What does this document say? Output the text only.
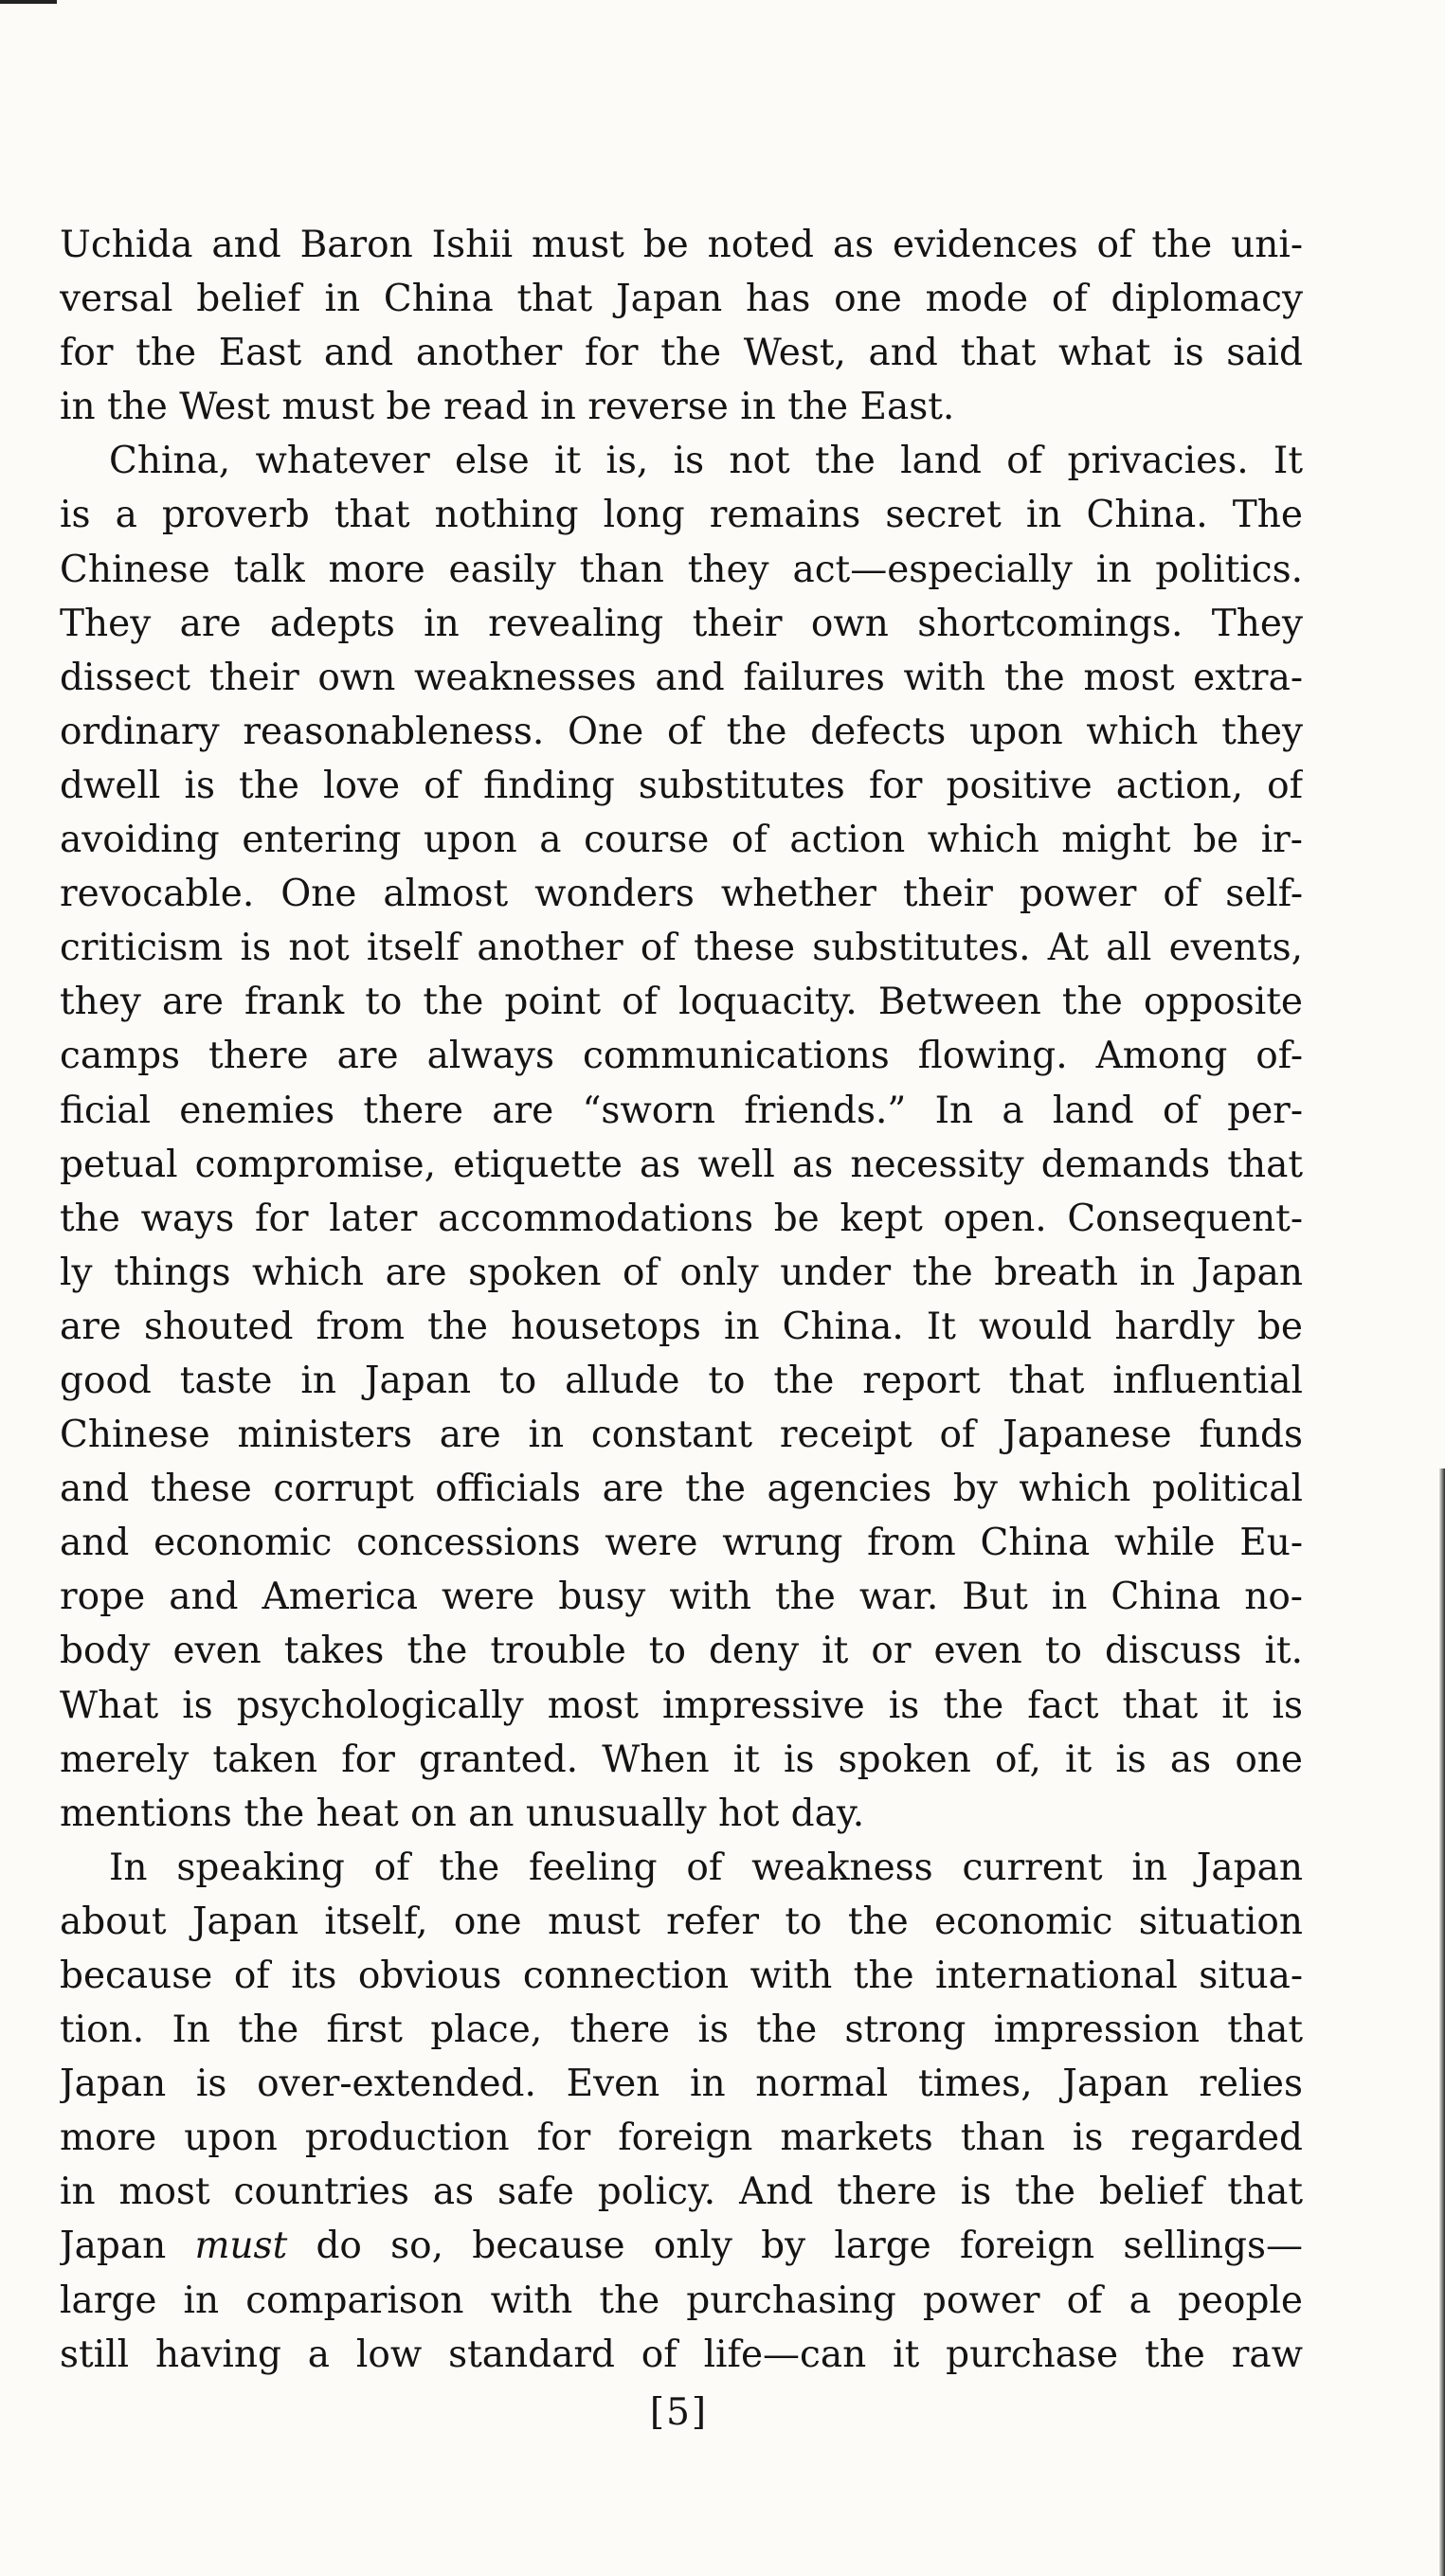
Uchida and Baron Ishii must be noted as evidences of the uni-
versal belief in China that Japan has one mode of diplomacy
for the East and another for the West, and that what is said
in the West must be read in reverse in the East.
China, whatever else it is, is not the land of privacies. It
is a proverb that nothing long remains secret in China. The
Chinese talk more easily than they act—especially in politics.
They are adepts in revealing their own shortcomings. They
dissect their own weaknesses and failures with the most extra-
ordinary reasonableness. One of the defects upon which they
dwell is the love of finding substitutes for positive action, of
avoiding entering upon a course of action which might be ir-
revocable. One almost wonders whether their power of self-
criticism is not itself another of these substitutes. At all events,
they are frank to the point of loquacity. Between the opposite
camps there are always communications flowing. Among of-
ficial enemies there are “sworn friends.” In a land of per-
petual compromise, etiquette as well as necessity demands that
the ways for later accommodations be kept open. Consequent-
ly things which are spoken of only under the breath in Japan
are shouted from the housetops in China. It would hardly be
good taste in Japan to allude to the report that influential
Chinese ministers are in constant receipt of Japanese funds
and these corrupt officials are the agencies by which political
and economic concessions were wrung from China while Eu-
rope and America were busy with the war. But in China no-
body even takes the trouble to deny it or even to discuss it.
What is psychologically most impressive is the fact that it is
merely taken for granted. When it is spoken of, it is as one
mentions the heat on an unusually hot day.
In speaking of the feeling of weakness current in Japan
about Japan itself, one must refer to the economic situation
because of its obvious connection with the international situa-
tion. In the first place, there is the strong impression that
Japan is over-extended. Even in normal times, Japan relies
more upon production for foreign markets than is regarded
in most countries as safe policy. And there is the belief that
Japan must do so, because only by large foreign sellings—
large in comparison with the purchasing power of a people
still having a low standard of life—can it purchase the raw
[5]
